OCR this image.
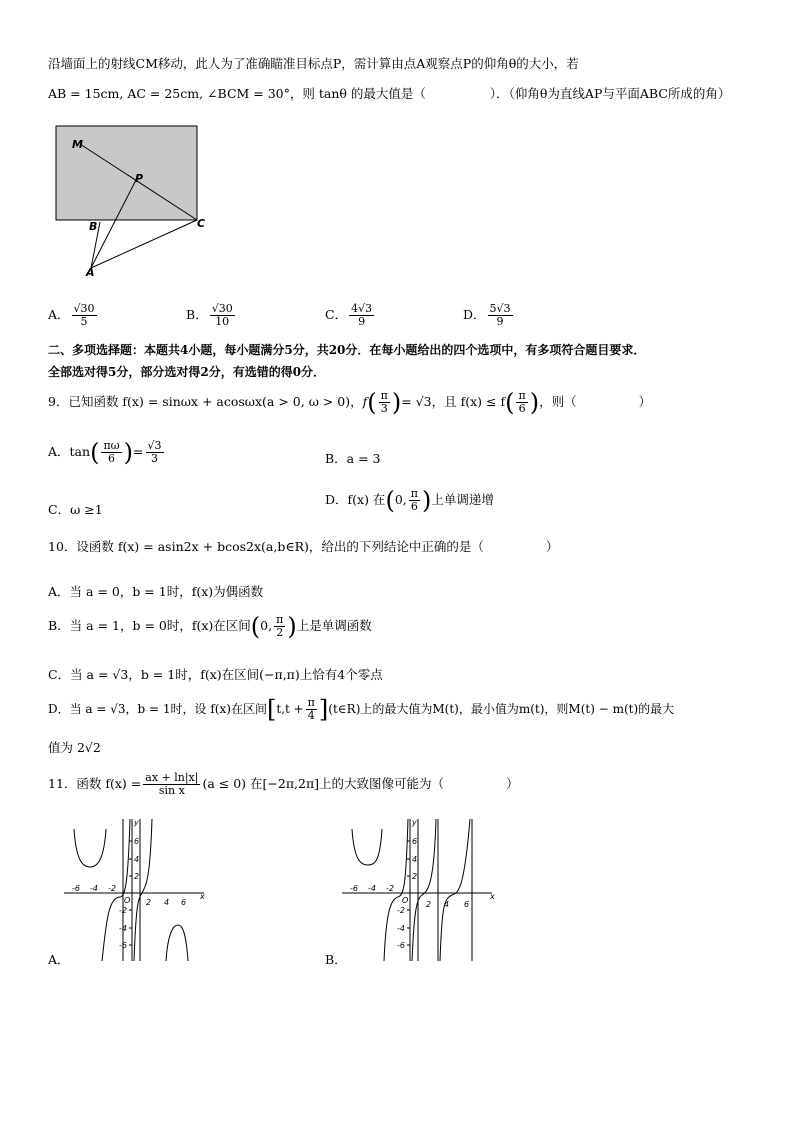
沿墙面上的射线CM移动，此人为了准确瞄准目标点P，需计算由点A观察点P的仰角θ的大小，若
AB = 15cm, AC = 25cm, ∠BCM = 30°，则 tanθ 的最大值是（	）．（仰角θ为直线AP与平面ABC所成的角）
M
P
B	C
A
A． $\frac{√30}{5}$	B． $\frac{√30}{10}$	C． $\frac{4√3}{9}$	D． $\frac{5√3}{9}$
二、多项选择题：本题共4小题，每小题满分5分，共20分．在每小题给出的四个选项中，有多项符合题目要求．
全部选对得5分，部分选对得2分，有选错的得0分．
9．已知函数 f(x) = sinωx + acosωx(a > 0, ω > 0)，$f( \frac{\pi}{3}$ )= √3，且 $f(x) \le f( \frac{\pi}{6}$ )，则（	）
A．$\tan( \frac{\pi\omega}{6}$ )= $\frac{√3}{3}$	B．a = 3
C．ω ≥1
D．f(x) 在(0, $\frac{\pi}{6}$ )上单调递增
10．设函数 f(x) = asin2x + bcos2x(a,b∈R)，给出的下列结论中正确的是（	）
A．当 a = 0，b = 1时，f(x)为偶函数
B．当 a = 1，b = 0时，f(x)在区间(0, $\frac{\pi}{2}$ )上是单调函数
C．当 a = √3，b = 1时，f(x)在区间(−π,π)上恰有4个零点
D．当 a = √3，b = 1时，设 f(x)在区间[$t,t + \frac{\pi}{4}$ ](t∈R)上的最大值为M(t)，最小值为m(t)，则M(t) − m(t)的最大
值为 2√2
11．函数 $f(x) = \frac{ax + \ln|x|}{\text{sin x}} (a \le 0)$ 在[−2π,2π]上的大致图像可能为（	）
A．
x
y
O
-6 -4 -2
2 4 6
6
4
2
-2
-4
-6
B．
x
y
O
-6 -4 -2
2 4 6
6
4
2
-2
-4
-6
